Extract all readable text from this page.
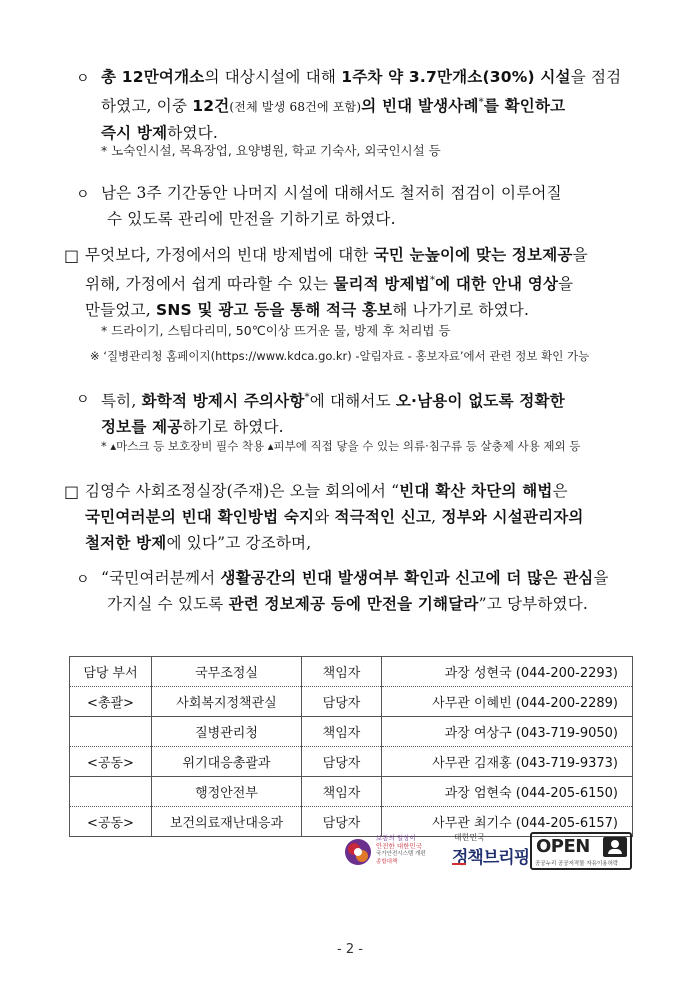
ㅇ 총 12만여개소의 대상시설에 대해 1주차 약 3.7만개소(30%) 시설을 점검
하였고, 이중 12건(전체 발생 68건에 포함)의 빈대 발생사례*를 확인하고
즉시 방제하였다.
* 노숙인시설, 목욕장업, 요양병원, 학교 기숙사, 외국인시설 등
ㅇ 남은 3주 기간동안 나머지 시설에 대해서도 철저히 점검이 이루어질
수 있도록 관리에 만전을 기하기로 하였다.
□ 무엇보다, 가정에서의 빈대 방제법에 대한 국민 눈높이에 맞는 정보제공을
위해, 가정에서 쉽게 따라할 수 있는 물리적 방제법*에 대한 안내 영상을
만들었고, SNS 및 광고 등을 통해 적극 홍보해 나가기로 하였다.
* 드라이기, 스팀다리미, 50℃이상 뜨거운 물, 방제 후 처리법 등
※ ‘질병관리청 홈페이지(https://www.kdca.go.kr) -알림자료 - 홍보자료’에서 관련 정보 확인 가능
ㅇ 특히, 화학적 방제시 주의사항*에 대해서도 오·남용이 없도록 정확한
정보를 제공하기로 하였다.
* ▴마스크 등 보호장비 필수 착용 ▴피부에 직접 닿을 수 있는 의류·침구류 등 살충제 사용 제외 등
□ 김영수 사회조정실장(주재)은 오늘 회의에서 “빈대 확산 차단의 해법은
국민여러분의 빈대 확인방법 숙지와 적극적인 신고, 정부와 시설관리자의
철저한 방제에 있다”고 강조하며,
ㅇ “국민여러분께서 생활공간의 빈대 발생여부 확인과 신고에 더 많은 관심을
가지실 수 있도록 관련 정보제공 등에 만전을 기해달라”고 당부하였다.
담당 부서	국무조정실	책임자	과장 성현국 (044-200-2293)
<총괄>	사회복지정책관실	담당자	사무관 이혜빈 (044-200-2289)
	질병관리청	책임자	과장 여상구 (043-719-9050)
<공동>	위기대응총괄과	담당자	사무관 김재홍 (043-719-9373)
	행정안전부	책임자	과장 엄현숙 (044-205-6150)
<공동>	보건의료재난대응과	담당자	사무관 최기수 (044-205-6157)
보통의 일상이
안전한 대한민국
국가안전시스템 개편
종합대책
대한민국
정책브리핑
OPEN
공공누리 공공저작물 자유이용허락
- 2 -
